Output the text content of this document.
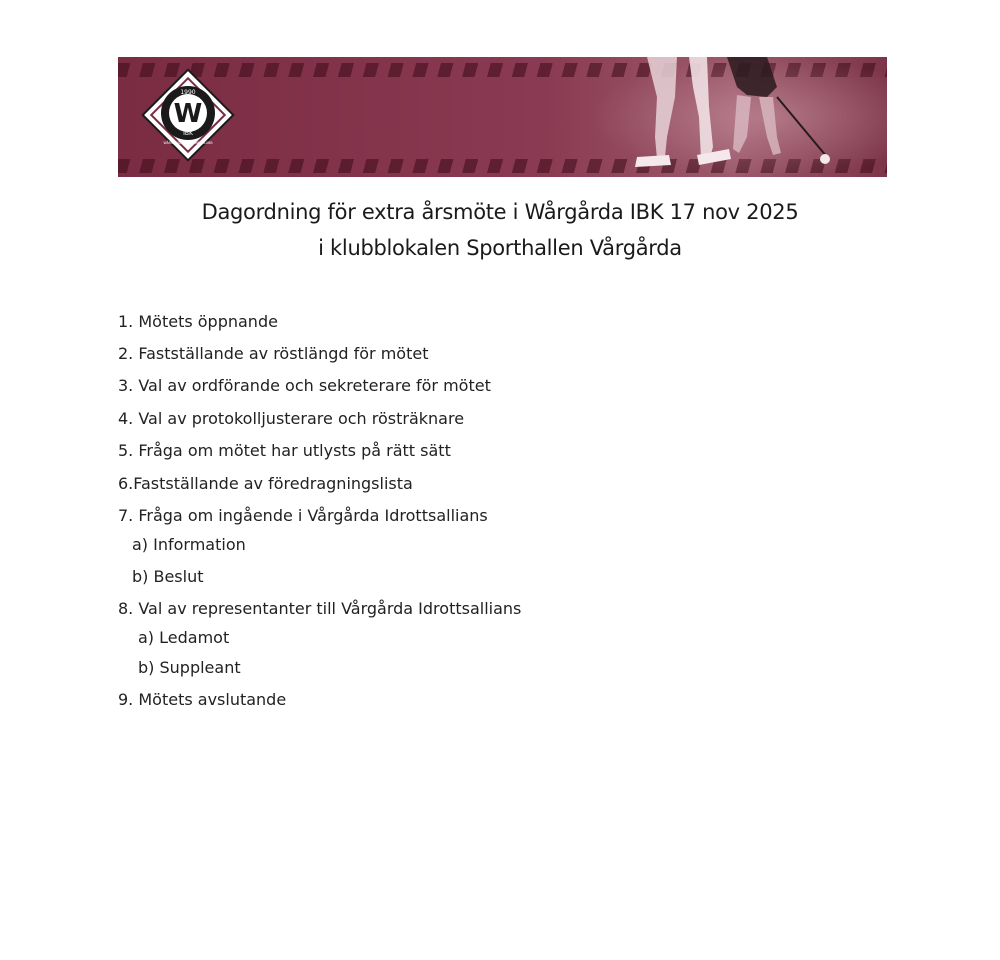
1990
W
IBK
WÅRGÅRDA INNEBANDYKLUBB
Dagordning för extra årsmöte i Wårgårda IBK 17 nov 2025
i klubblokalen Sporthallen Vårgårda
1. Mötets öppnande
2. Fastställande av röstlängd för mötet
3. Val av ordförande och sekreterare för mötet
4. Val av protokolljusterare och rösträknare
5. Fråga om mötet har utlysts på rätt sätt
6.Fastställande av föredragningslista
7. Fråga om ingående i Vårgårda Idrottsallians
a) Information
b) Beslut
8. Val av representanter till Vårgårda Idrottsallians
a) Ledamot
b) Suppleant
9. Mötets avslutande
